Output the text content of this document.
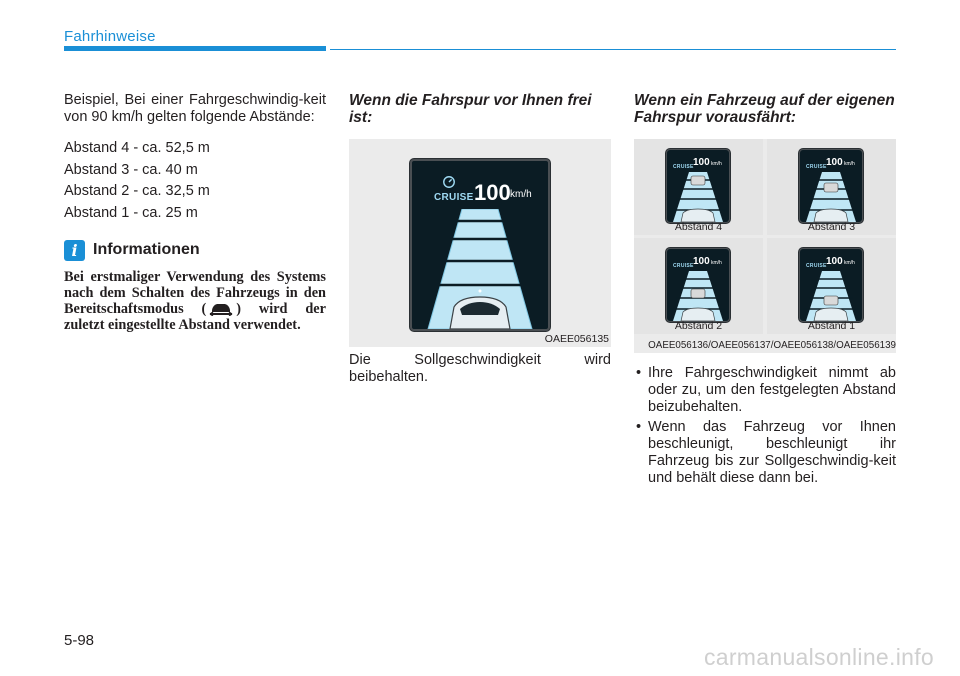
Fahrhinweise

Beispiel, Bei einer Fahrgeschwindig-keit von 90 km/h gelten folgende Abstände:

Abstand 4 - ca. 52,5 m
Abstand 3 - ca. 40 m
Abstand 2 - ca. 32,5 m
Abstand 1 - ca. 25 m
i Informationen
Bei erstmaliger Verwendung des Systems nach dem Schalten des Fahrzeugs in den Bereitschaftsmodus ( ) wird der zuletzt eingestellte Abstand verwendet.

Wenn die Fahrspur vor Ihnen frei ist:

CRUISE 100 km/h
OAEE056135

Die Sollgeschwindigkeit wird beibehalten.

Wenn ein Fahrzeug auf der eigenen Fahrspur vorausfährt:

CRUISE 100 km/h
Abstand 4
CRUISE 100 km/h
Abstand 3
CRUISE 100 km/h
Abstand 2
CRUISE 100 km/h
Abstand 1
OAEE056136/OAEE056137/OAEE056138/OAEE056139
• Ihre Fahrgeschwindigkeit nimmt ab oder zu, um den festgelegten Abstand beizubehalten.
• Wenn das Fahrzeug vor Ihnen beschleunigt, beschleunigt ihr Fahrzeug bis zur Sollgeschwindig-keit und behält diese dann bei.
5-98
carmanualsonline.info
